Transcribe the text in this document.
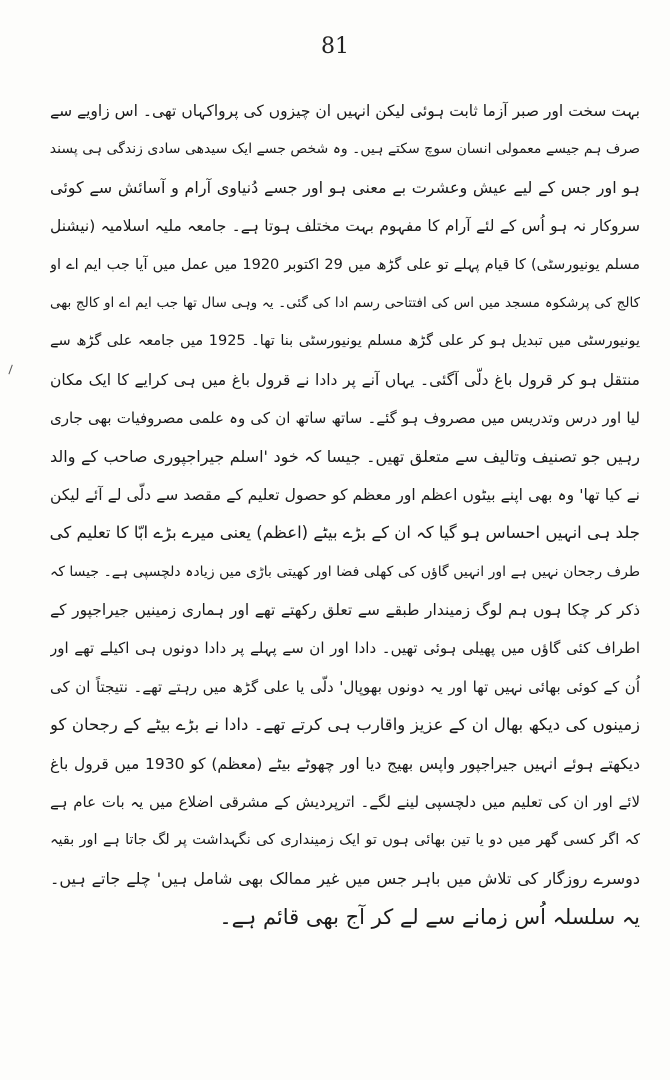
81
بہت سخت اور صبر آزما ثابت ہوئی لیکن انہیں ان چیزوں کی پرواکہاں تھی۔ اس زاویے سے
صرف ہم جیسے معمولی انسان سوچ سکتے ہیں۔ وہ شخص جسے ایک سیدھی سادی زندگی ہی پسند
ہو اور جس کے لیے عیش وعشرت بے معنی ہو اور جسے دُنیاوی آرام و آسائش سے کوئی
سروکار نہ ہو اُس کے لئے آرام کا مفہوم بہت مختلف ہوتا ہے۔ جامعہ ملیہ اسلامیہ (نیشنل
مسلم یونیورسٹی) کا قیام پہلے تو علی گڑھ میں 29 اکتوبر 1920 میں عمل میں آیا جب ایم اے او
کالج کی پرشکوہ مسجد میں اس کی افتتاحی رسم ادا کی گئی۔ یہ وہی سال تھا جب ایم اے او کالج بھی
یونیورسٹی میں تبدیل ہو کر علی گڑھ مسلم یونیورسٹی بنا تھا۔ 1925 میں جامعہ علی گڑھ سے
منتقل ہو کر قرول باغ دلّی آگئی۔ یہاں آنے پر دادا نے قرول باغ میں ہی کرایے کا ایک مکان
لیا اور درس وتدریس میں مصروف ہو گئے۔ ساتھ ساتھ ان کی وہ علمی مصروفیات بھی جاری
رہیں جو تصنیف وتالیف سے متعلق تھیں۔ جیسا کہ خود 'اسلم جیراجپوری صاحب کے والد
نے کیا تھا' وہ بھی اپنے بیٹوں اعظم اور معظم کو حصول تعلیم کے مقصد سے دلّی لے آئے لیکن
جلد ہی انہیں احساس ہو گیا کہ ان کے بڑے بیٹے (اعظم) یعنی میرے بڑے ابّا کا تعلیم کی
طرف رجحان نہیں ہے اور انہیں گاؤں کی کھلی فضا اور کھیتی باڑی میں زیادہ دلچسپی ہے۔ جیسا کہ
ذکر کر چکا ہوں ہم لوگ زمیندار طبقے سے تعلق رکھتے تھے اور ہماری زمینیں جیراجپور کے
اطراف کئی گاؤں میں پھیلی ہوئی تھیں۔ دادا اور ان سے پہلے پر دادا دونوں ہی اکیلے تھے اور
اُن کے کوئی بھائی نہیں تھا اور یہ دونوں بھوپال' دلّی یا علی گڑھ میں رہتے تھے۔ نتیجتاً ان کی
زمینوں کی دیکھ بھال ان کے عزیز واقارب ہی کرتے تھے۔ دادا نے بڑے بیٹے کے رجحان کو
دیکھتے ہوئے انہیں جیراجپور واپس بھیج دیا اور چھوٹے بیٹے (معظم) کو 1930 میں قرول باغ
لائے اور ان کی تعلیم میں دلچسپی لینے لگے۔ اترپردیش کے مشرقی اضلاع میں یہ بات عام ہے
کہ اگر کسی گھر میں دو یا تین بھائی ہوں تو ایک زمینداری کی نگہداشت پر لگ جاتا ہے اور بقیہ
دوسرے روزگار کی تلاش میں باہر جس میں غیر ممالک بھی شامل ہیں' چلے جاتے ہیں۔
یہ سلسلہ اُس زمانے سے لے کر آج بھی قائم ہے۔
